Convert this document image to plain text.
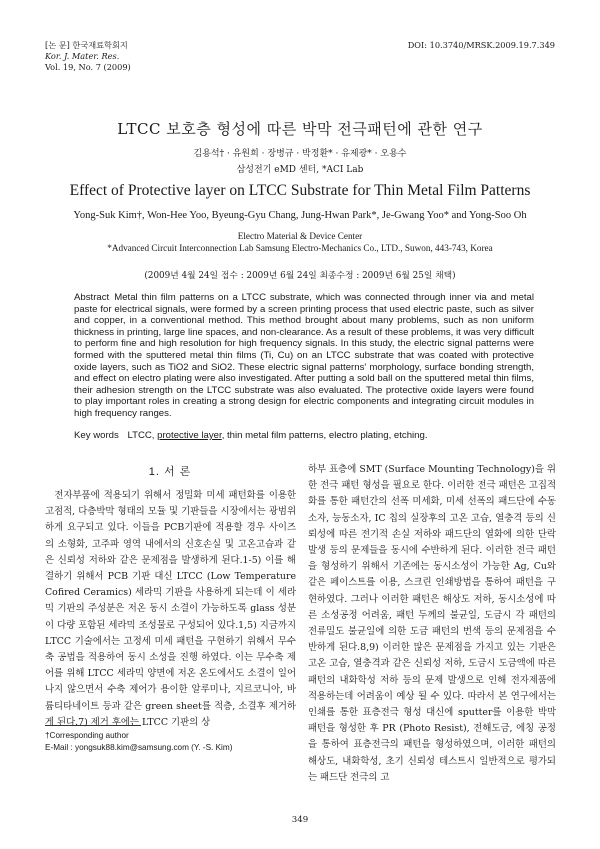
[논 문] 한국재료학회지
Kor. J. Mater. Res.
Vol. 19, No. 7 (2009)
DOI: 10.3740/MRSK.2009.19.7.349
LTCC 보호층 형성에 따른 박막 전극패턴에 관한 연구
김용석† · 유원희 · 장병규 · 박정환* · 유제광* · 오용수
삼성전기 eMD 센터, *ACI Lab
Effect of Protective layer on LTCC Substrate for Thin Metal Film Patterns
Yong-Suk Kim†, Won-Hee Yoo, Byeung-Gyu Chang, Jung-Hwan Park*, Je-Gwang Yoo* and Yong-Soo Oh
Electro Material & Device Center
*Advanced Circuit Interconnection Lab Samsung Electro-Mechanics Co., LTD., Suwon, 443-743, Korea
(2009년 4월 24일 접수 : 2009년 6월 24일 최종수정 : 2009년 6월 25일 채택)
Abstract Metal thin film patterns on a LTCC substrate, which was connected through inner via and metal paste for electrical signals, were formed by a screen printing process that used electric paste, such as silver and copper, in a conventional method. This method brought about many problems, such as non uniform thickness in printing, large line spaces, and non-clearance. As a result of these problems, it was very difficult to perform fine and high resolution for high frequency signals. In this study, the electric signal patterns were formed with the sputtered metal thin films (Ti, Cu) on an LTCC substrate that was coated with protective oxide layers, such as TiO2 and SiO2. These electric signal patterns' morphology, surface bonding strength, and effect on electro plating were also investigated. After putting a sold ball on the sputtered metal thin films, their adhesion strength on the LTCC substrate was also evaluated. The protective oxide layers were found to play important roles in creating a strong design for electric components and integrating circuit modules in high frequency ranges.
Key words LTCC, protective layer, thin metal film patterns, electro plating, etching.
1. 서 론
전자부품에 적용되기 위해서 정밀화 미세 패턴화를 이용한 고점적, 다층박막 형태의 모듈 및 기판들을 시장에서는 광범위하게 요구되고 있다. 이들을 PCB기판에 적용할 경우 사이즈의 소형화, 고주파 영역 내에서의 신호손실 및 고온고습과 같은 신뢰성 저하와 같은 문제점을 발생하게 된다.1-5) 이를 해결하기 위해서 PCB 기판 대신 LTCC (Low Temperature Cofired Ceramics) 세라믹 기판을 사용하게 되는데 이 세라믹 기판의 주성분은 저온 동시 소결이 가능하도록 glass 성분이 다량 포함된 세라믹 조성물로 구성되어 있다.1,5) 지금까지 LTCC 기술에서는 고정세 미세 패턴을 구현하기 위해서 무수축 공법을 적용하여 동시 소성을 진행 하였다. 이는 무수축 제어를 위해 LTCC 세라믹 양면에 저온 온도에서도 소결이 일어나지 않으면서 수축 제어가 용이한 알루미나, 지르코니아, 바륨티타네이트 등과 같은 green sheet를 적층, 소결후 제거하게 된다.7) 제거 후에는 LTCC 기판의 상
하부 표층에 SMT (Surface Mounting Technology)을 위한 전극 패턴 형성을 필요로 한다. 이러한 전극 패턴은 고집적화를 통한 패턴간의 선폭 미세화, 미세 선폭의 패드단에 수동소자, 능동소자, IC 칩의 실장후의 고온 고습, 열충격 등의 신뢰성에 따른 전기적 손실 저하와 패드단의 열화에 의한 단락 발생 등의 문제들을 동시에 수반하게 된다. 이러한 전극 패턴을 형성하기 위해서 기존에는 동시소성이 가능한 Ag, Cu와 같은 페이스트를 이용, 스크린 인쇄방법을 통하여 패턴을 구현하였다. 그러나 이러한 패턴은 해상도 저하, 동시소성에 따른 소성공정 어려움, 패턴 두께의 불균일, 도금시 각 패턴의 전류밀도 불균일에 의한 도금 패턴의 번색 등의 문제점을 수반하게 된다.8,9) 이러한 많은 문제점을 가지고 있는 기판은 고온 고습, 열충격과 같은 신뢰성 저하, 도금시 도금액에 따른 패턴의 내화학성 저하 등의 문제 발생으로 인해 전자제품에 적용하는데 어려움이 예상 될 수 있다. 따라서 본 연구에서는 인쇄를 통한 표층전극 형성 대신에 sputter를 이용한 박막 패턴을 형성한 후 PR (Photo Resist), 전해도금, 에칭 공정을 통하여 표층전극의 패턴을 형성하였으며, 이러한 패턴의 해상도, 내화학성, 초기 신뢰성 테스트시 일반적으로 평가되는 패드단 전극의 고
†Corresponding author
E-Mail : yongsuk88.kim@samsung.com (Y. -S. Kim)
349
